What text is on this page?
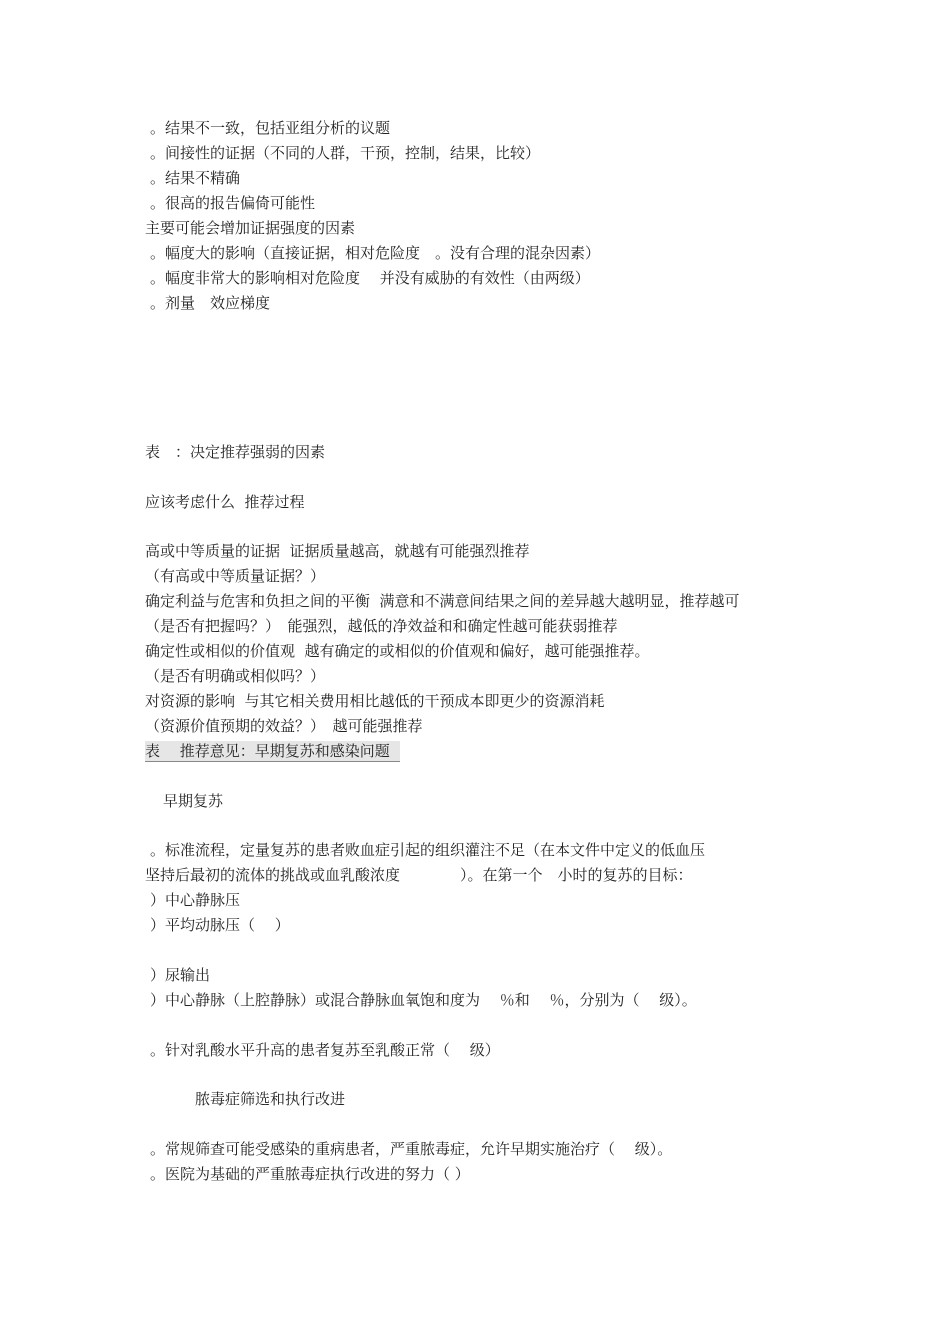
。结果不一致，包括亚组分析的议题

。间接性的证据（不同的人群，干预，控制，结果，比较）

。结果不精确

。很高的报告偏倚可能性

主要可能会增加证据强度的因素

。幅度大的影响（直接证据，相对危险度　。没有合理的混杂因素）

。幅度非常大的影响相对危险度　 并没有威胁的有效性（由两级）

。剂量　效应梯度

表　：决定推荐强弱的因素

应该考虑什么  推荐过程

高或中等质量的证据  证据质量越高，就越有可能强烈推荐

（有高或中等质量证据？）

确定利益与危害和负担之间的平衡  满意和不满意间结果之间的差异越大越明显，推荐越可

（是否有把握吗？）　能强烈，越低的净效益和和确定性越可能获弱推荐

确定性或相似的价值观  越有确定的或相似的价值观和偏好，越可能强推荐。

（是否有明确或相似吗？）

对资源的影响  与其它相关费用相比越低的干预成本即更少的资源消耗

（资源价值预期的效益？）　越可能强推荐

表　 推荐意见：早期复苏和感染问题

早期复苏

。标准流程，定量复苏的患者败血症引起的组织灌注不足（在本文件中定义的低血压

坚持后最初的流体的挑战或血乳酸浓度　　　　）。在第一个　小时的复苏的目标：

）中心静脉压

）平均动脉压（　 ）

）尿输出

）中心静脉（上腔静脉）或混合静脉血氧饱和度为　 ％和　 ％，分别为（　 级）。

。针对乳酸水平升高的患者复苏至乳酸正常（　 级）

脓毒症筛选和执行改进

。常规筛查可能受感染的重病患者，严重脓毒症，允许早期实施治疗（　 级）。

。医院为基础的严重脓毒症执行改进的努力（ ）
